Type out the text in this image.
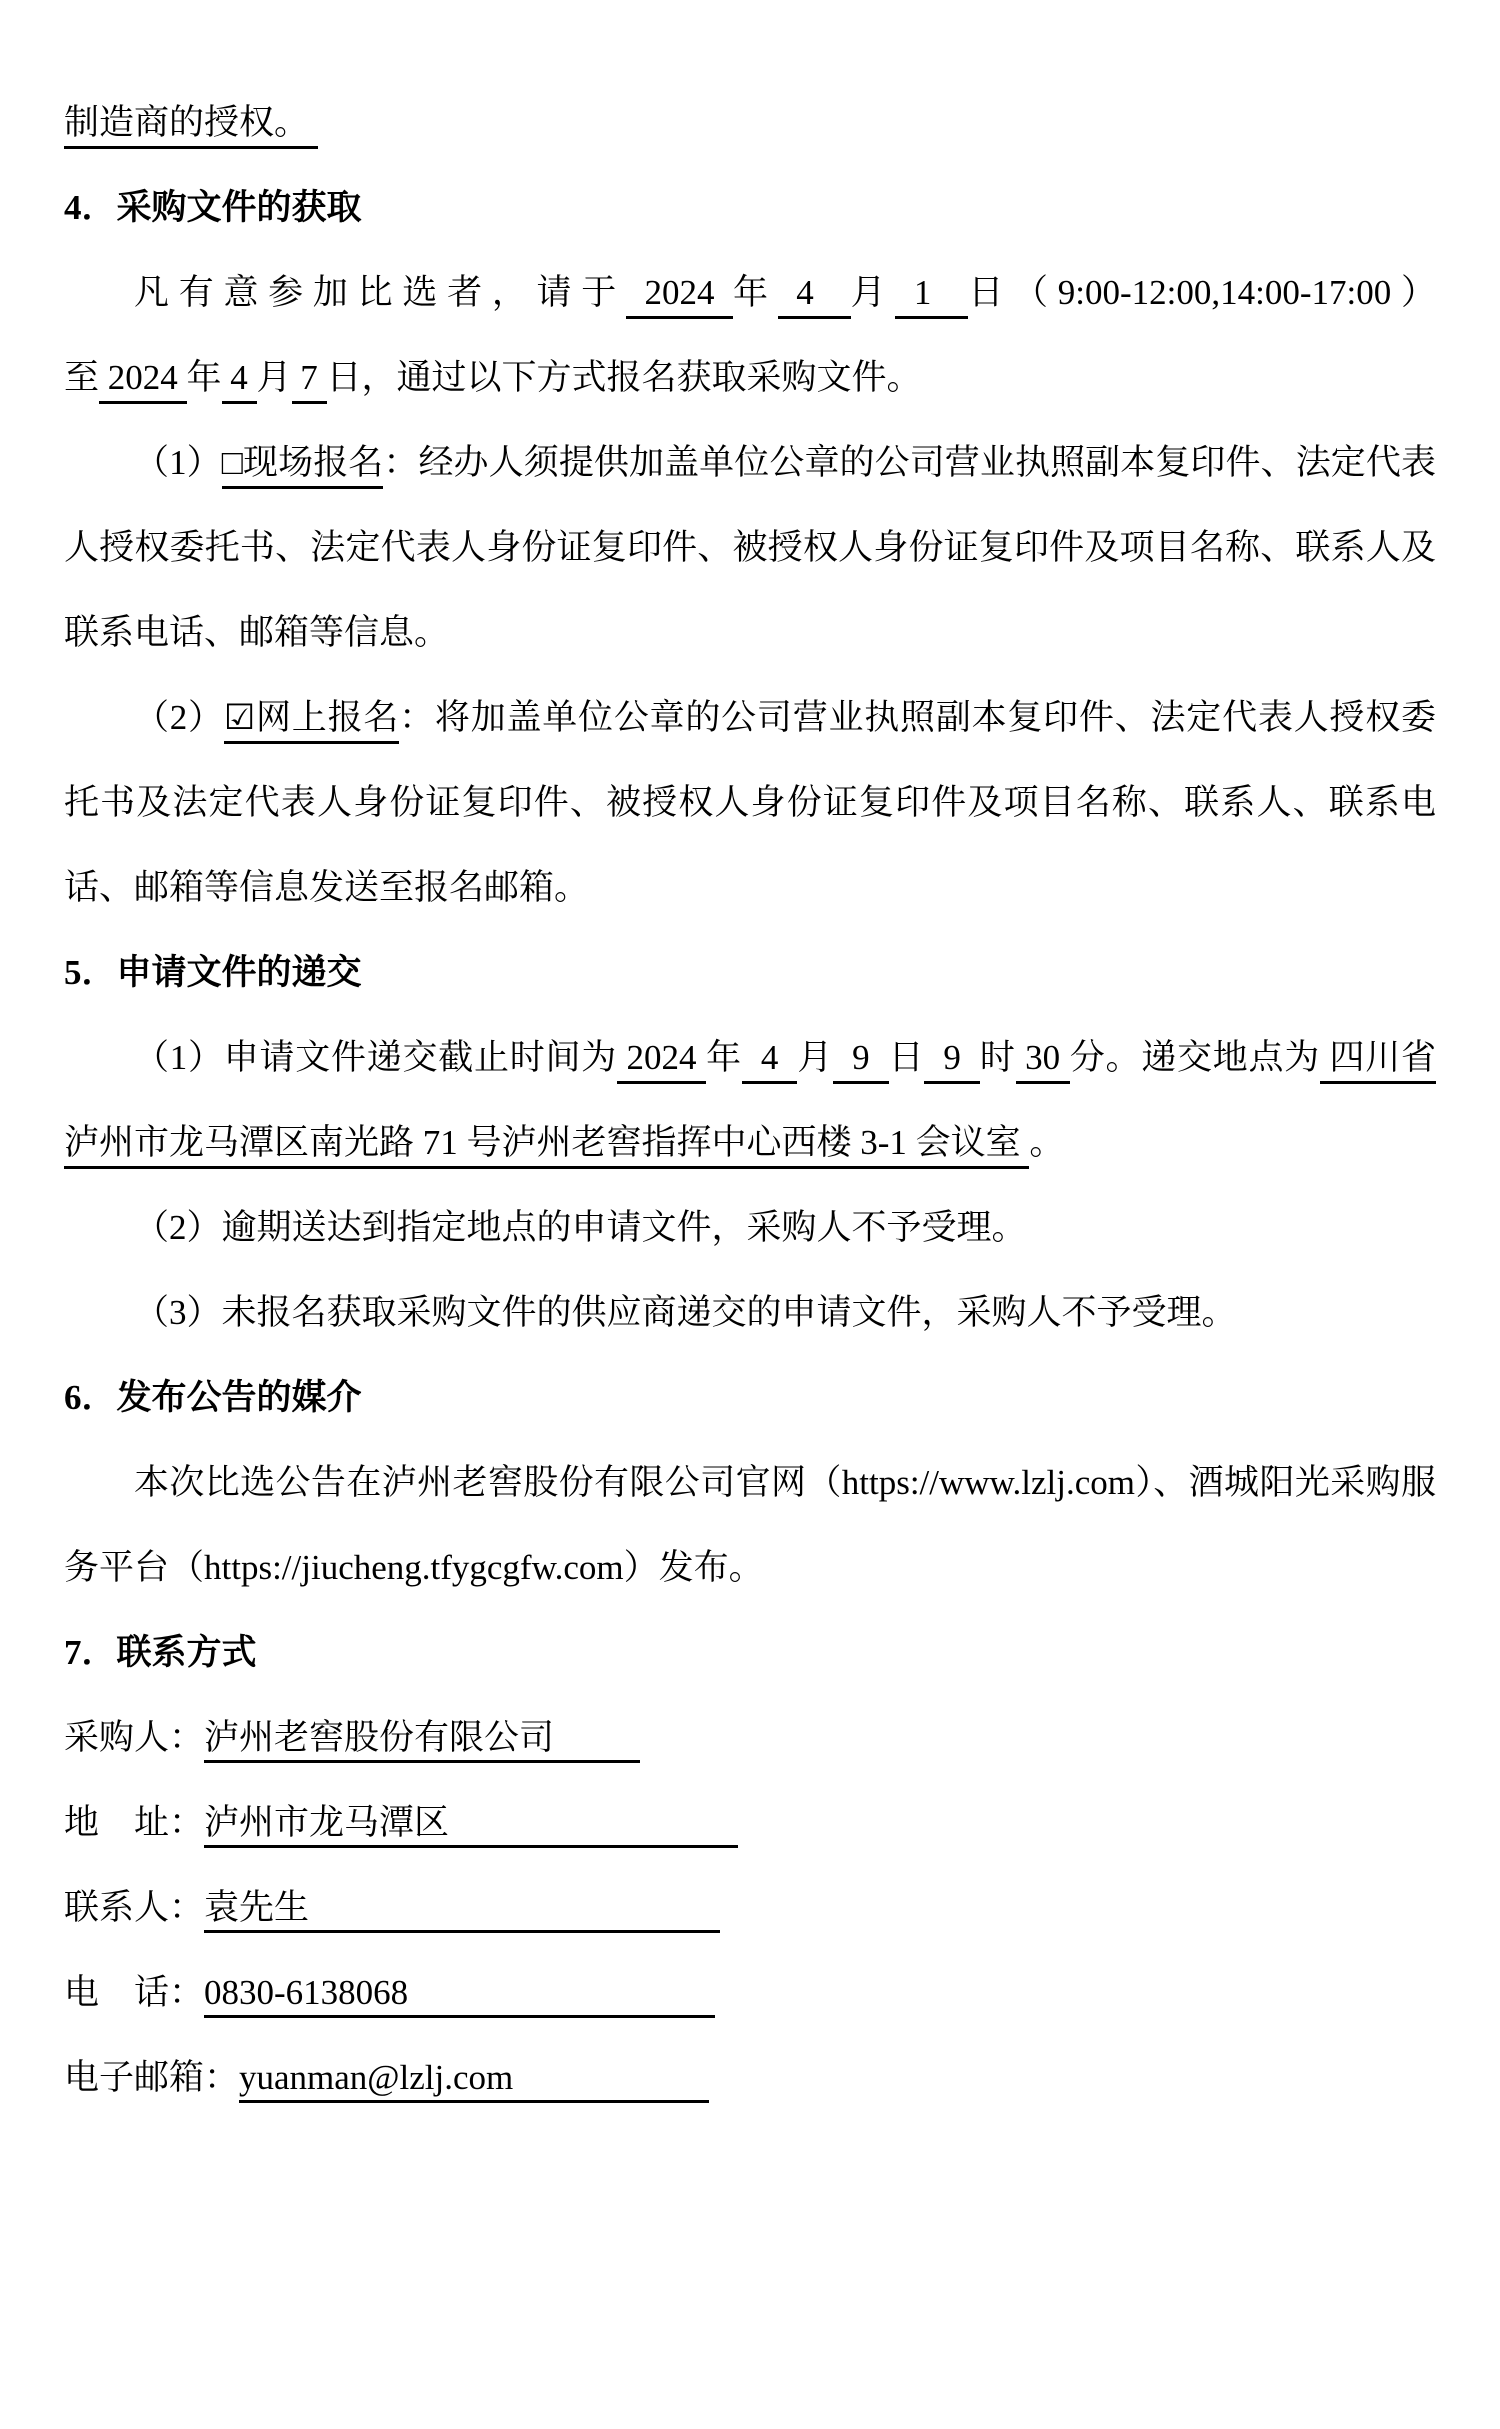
制造商的授权。
4．采购文件的获取
凡有意参加比选者，请于 2024 年 4  月 1  日（9:00-12:00,14:00-17:00）至 2024 年 4 月 7 日，通过以下方式报名获取采购文件。
（1）□现场报名：经办人须提供加盖单位公章的公司营业执照副本复印件、法定代表人授权委托书、法定代表人身份证复印件、被授权人身份证复印件及项目名称、联系人及联系电话、邮箱等信息。
（2）☑网上报名：将加盖单位公章的公司营业执照副本复印件、法定代表人授权委托书及法定代表人身份证复印件、被授权人身份证复印件及项目名称、联系人、联系电话、邮箱等信息发送至报名邮箱。
5．申请文件的递交
（1）申请文件递交截止时间为 2024 年  4  月  9  日  9  时 30 分。递交地点为 四川省泸州市龙马潭区南光路 71 号泸州老窖指挥中心西楼 3-1 会议室 。
（2）逾期送达到指定地点的申请文件，采购人不予受理。
（3）未报名获取采购文件的供应商递交的申请文件，采购人不予受理。
6．发布公告的媒介
本次比选公告在泸州老窖股份有限公司官网（https://www.lzlj.com）、酒城阳光采购服务平台（https://jiucheng.tfygcgfw.com）发布。
7．联系方式
采购人：泸州老窖股份有限公司
地　址：泸州市龙马潭区
联系人：袁先生
电　话：0830-6138068
电子邮箱：yuanman@lzlj.com
